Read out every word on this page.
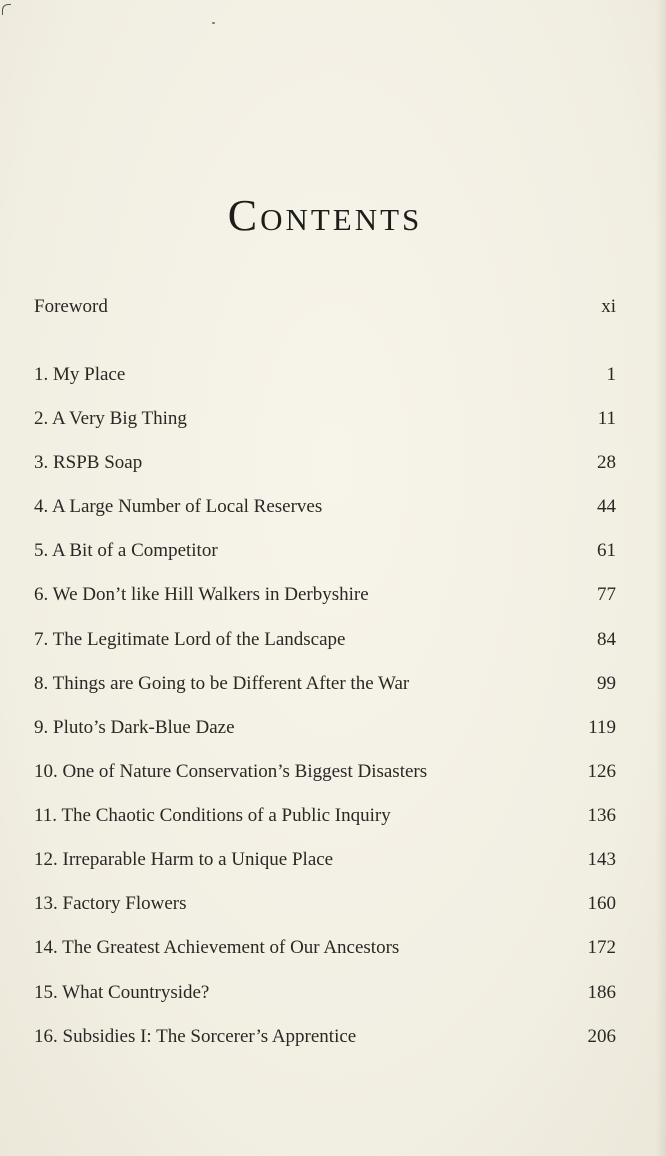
Contents
Foreword	xi
1. My Place	1
2. A Very Big Thing	11
3. RSPB Soap	28
4. A Large Number of Local Reserves	44
5. A Bit of a Competitor	61
6. We Don’t like Hill Walkers in Derbyshire	77
7. The Legitimate Lord of the Landscape	84
8. Things are Going to be Different After the War	99
9. Pluto’s Dark-Blue Daze	119
10. One of Nature Conservation’s Biggest Disasters	126
11. The Chaotic Conditions of a Public Inquiry	136
12. Irreparable Harm to a Unique Place	143
13. Factory Flowers	160
14. The Greatest Achievement of Our Ancestors	172
15. What Countryside?	186
16. Subsidies I: The Sorcerer’s Apprentice	206
